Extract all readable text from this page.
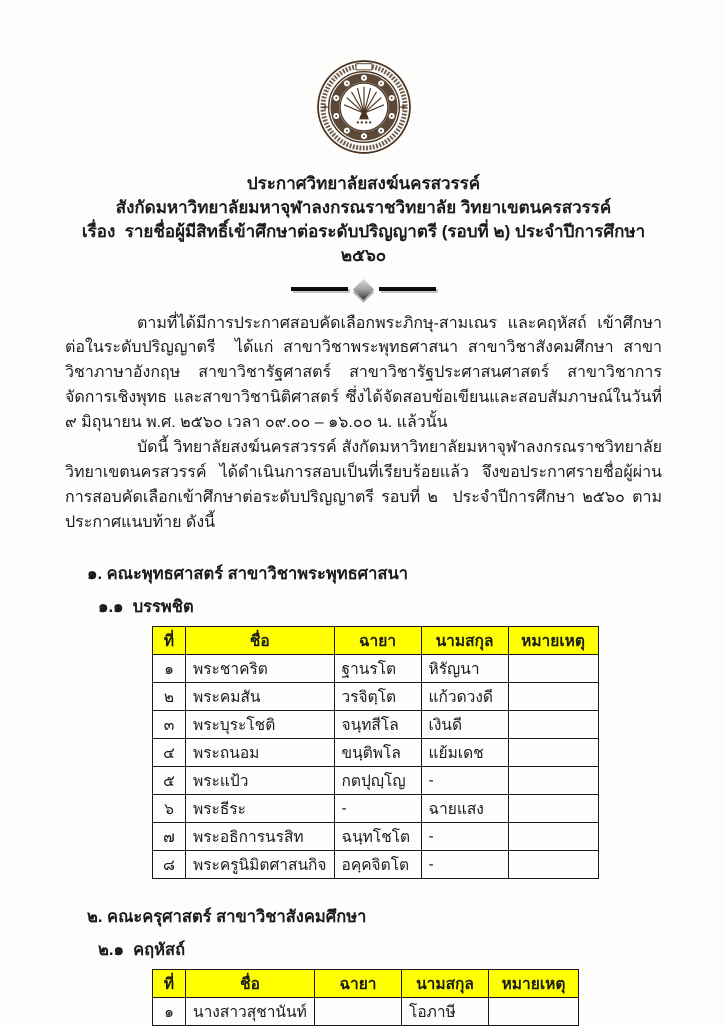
ประกาศวิทยาลัยสงฆ์นครสวรรค์
สังกัดมหาวิทยาลัยมหาจุฬาลงกรณราชวิทยาลัย วิทยาเขตนครสวรรค์
เรื่อง  รายชื่อผู้มีสิทธิ์เข้าศึกษาต่อระดับปริญญาตรี (รอบที่ ๒) ประจำปีการศึกษา ๒๕๖๐

ตามที่ได้มีการประกาศสอบคัดเลือกพระภิกษุ-สามเณร และคฤหัสถ์ เข้าศึกษาต่อในระดับปริญญาตรี  ได้แก่ สาขาวิชาพระพุทธศาสนา สาขาวิชาสังคมศึกษา สาขาวิชาภาษาอังกฤษ สาขาวิชารัฐศาสตร์ สาขาวิชารัฐประศาสนศาสตร์ สาขาวิชาการจัดการเชิงพุทธ และสาขาวิชานิติศาสตร์ ซึ่งได้จัดสอบข้อเขียนและสอบสัมภาษณ์ในวันที่ ๙ มิถุนายน พ.ศ. ๒๕๖๐ เวลา ๐๙.๐๐ – ๑๖.๐๐ น. แล้วนั้น

บัดนี้ วิทยาลัยสงฆ์นครสวรรค์ สังกัดมหาวิทยาลัยมหาจุฬาลงกรณราชวิทยาลัย วิทยาเขตนครสวรรค์ ได้ดำเนินการสอบเป็นที่เรียบร้อยแล้ว จึงขอประกาศรายชื่อผู้ผ่านการสอบคัดเลือกเข้าศึกษาต่อระดับปริญญาตรี รอบที่ ๒  ประจำปีการศึกษา ๒๕๖๐ ตามประกาศแนบท้าย ดังนี้

๑. คณะพุทธศาสตร์ สาขาวิชาพระพุทธศาสนา
๑.๑  บรรพชิต
ที่	ชื่อ	ฉายา	นามสกุล	หมายเหตุ
๑	พระชาคริต	ฐานรโต	หิรัญนา	
๒	พระคมสัน	วรจิตฺโต	แก้วดวงดี	
๓	พระบุระโชติ	จนฺทสีโล	เงินดี	
๔	พระถนอม	ขนฺติพโล	แย้มเดช	
๕	พระแป้ว	กตปุญฺโญ	-	
๖	พระธีระ	-	ฉายแสง	
๗	พระอธิการนรสิท	ฉนฺทโชโต	-	
๘	พระครูนิมิตศาสนกิจ	อคฺคจิตโต	-	
๒. คณะครุศาสตร์ สาขาวิชาสังคมศึกษา
๒.๑  คฤหัสถ์
ที่	ชื่อ	ฉายา	นามสกุล	หมายเหตุ
๑	นางสาวสุชานันท์		โอภาษี	
